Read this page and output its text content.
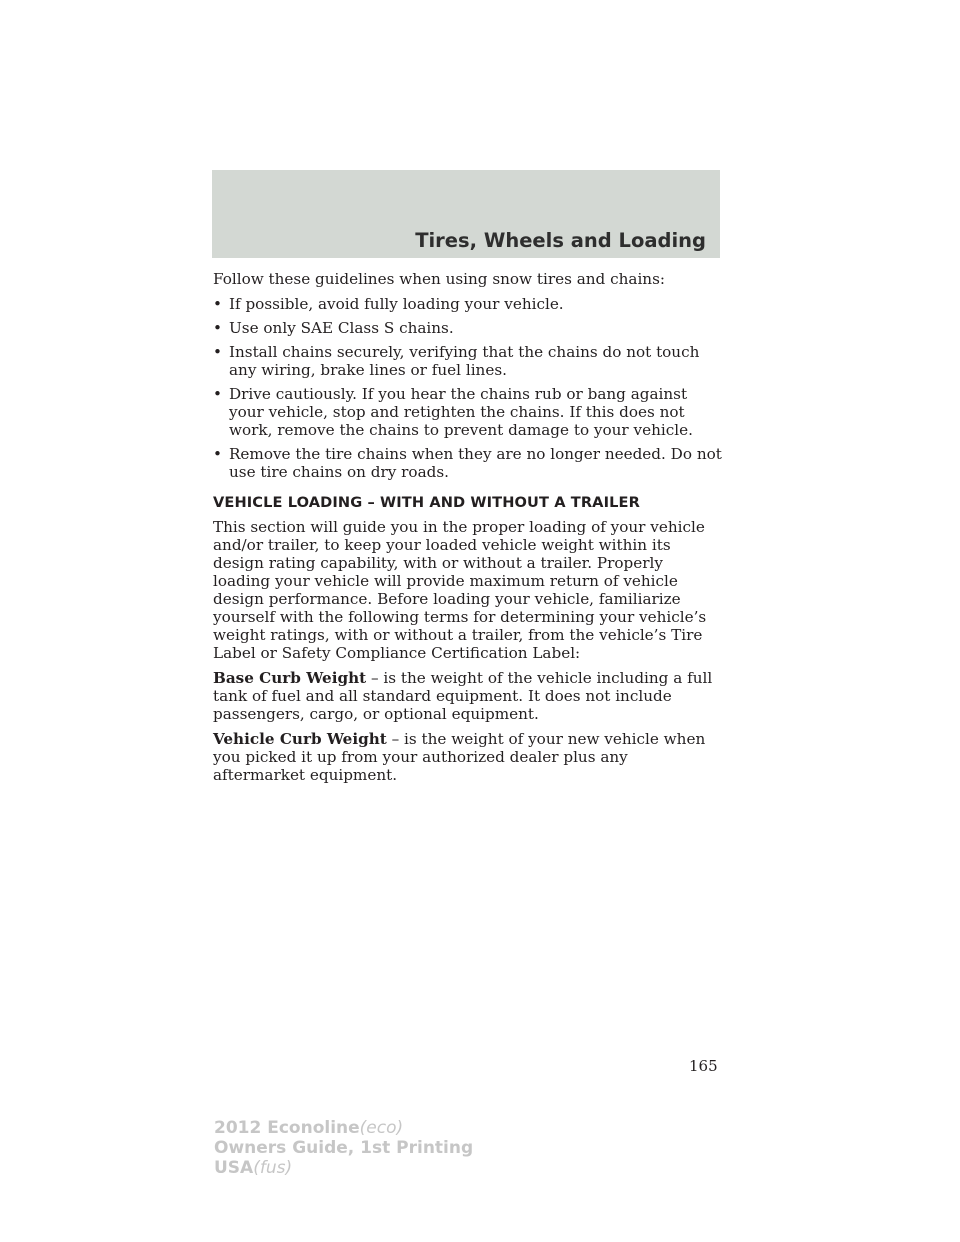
Tires, Wheels and Loading

Follow these guidelines when using snow tires and chains:

• If possible, avoid fully loading your vehicle.
• Use only SAE Class S chains.
• Install chains securely, verifying that the chains do not touch any wiring, brake lines or fuel lines.
• Drive cautiously. If you hear the chains rub or bang against your vehicle, stop and retighten the chains. If this does not work, remove the chains to prevent damage to your vehicle.
• Remove the tire chains when they are no longer needed. Do not use tire chains on dry roads.
VEHICLE LOADING – WITH AND WITHOUT A TRAILER

This section will guide you in the proper loading of your vehicle and/or trailer, to keep your loaded vehicle weight within its design rating capability, with or without a trailer. Properly loading your vehicle will provide maximum return of vehicle design performance. Before loading your vehicle, familiarize yourself with the following terms for determining your vehicle’s weight ratings, with or without a trailer, from the vehicle’s Tire Label or Safety Compliance Certification Label:

Base Curb Weight – is the weight of the vehicle including a full tank of fuel and all standard equipment. It does not include passengers, cargo, or optional equipment.

Vehicle Curb Weight – is the weight of your new vehicle when you picked it up from your authorized dealer plus any aftermarket equipment.

165
2012 Econoline(eco)
Owners Guide, 1st Printing
USA(fus)
